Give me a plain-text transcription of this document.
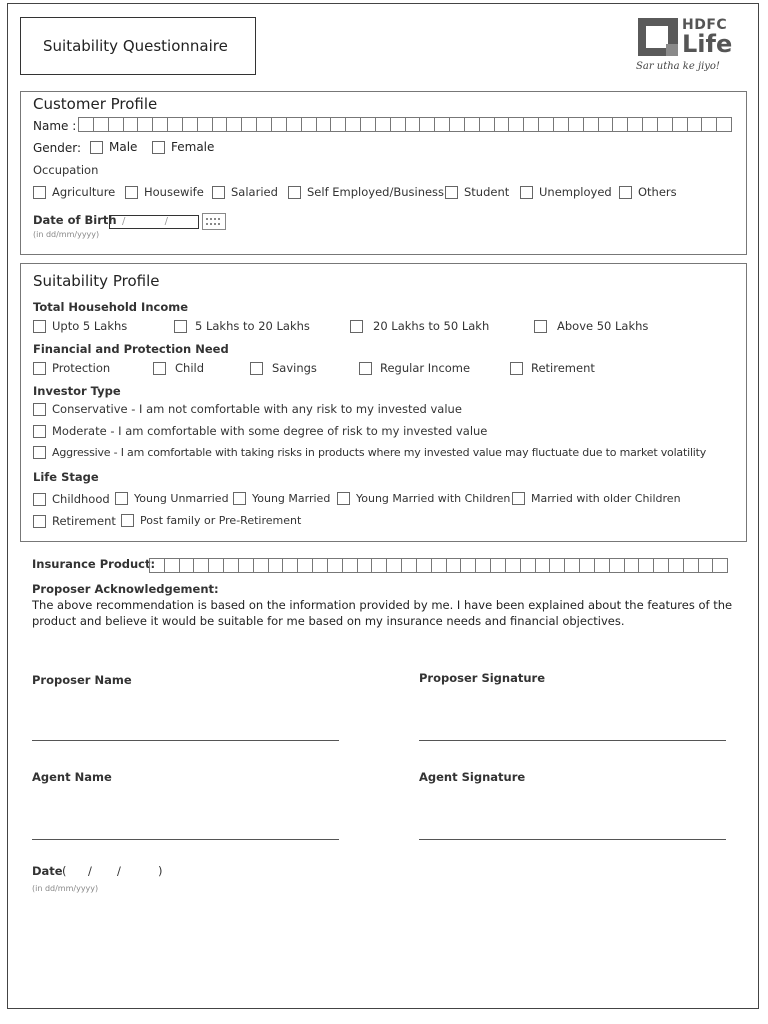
Suitability Questionnaire
HDFC
Life
Sar utha ke jiyo!
Customer Profile
Name :
Gender: Male	Female
Occupation
Agriculture	Housewife Salaried	Self Employed/Business Student	Unemployed Others
Date of Birth / /
(in dd/mm/yyyy)
Suitability Profile
Total Household Income
Upto 5 Lakhs	5 Lakhs to 20 Lakhs	20 Lakhs to 50 Lakh	Above 50 Lakhs
Financial and Protection Need
Protection	Child	Savings	Regular Income	Retirement
Investor Type
Conservative - I am not comfortable with any risk to my invested value
Moderate - I am comfortable with some degree of risk to my invested value
Aggressive - I am comfortable with taking risks in products where my invested value may fluctuate due to market volatility
Life Stage
Childhood Young Unmarried Young Married Young Married with Children Married with older Children
Retirement Post family or Pre-Retirement
Insurance Product:
Proposer Acknowledgement:
The above recommendation is based on the information provided by me. I have been explained about the features of the product and believe it would be suitable for me based on my insurance needs and financial objectives.
Proposer Name	Proposer Signature
Agent Name	Agent Signature
Date ( / /	)
(in dd/mm/yyyy)
